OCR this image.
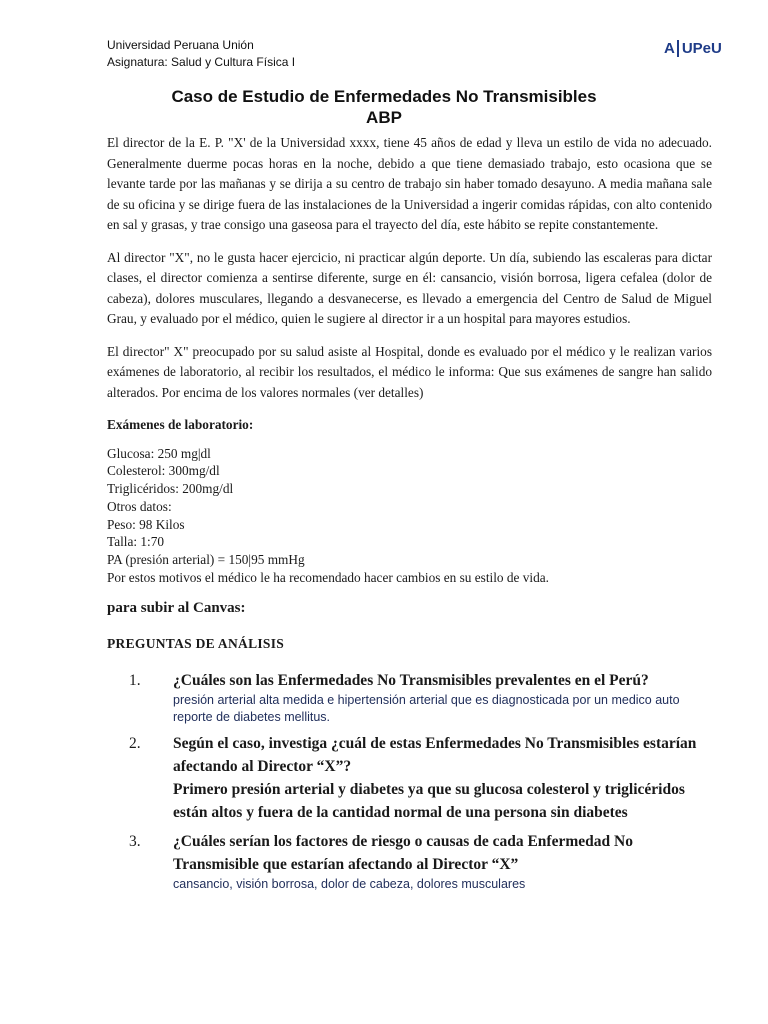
Universidad Peruana Unión
Asignatura: Salud y Cultura Física I
A UPeU
Caso de Estudio de Enfermedades No Transmisibles
ABP

El director de la E. P. "X' de la Universidad xxxx, tiene 45 años de edad y lleva un estilo de vida no adecuado. Generalmente duerme pocas horas en la noche, debido a que tiene demasiado trabajo, esto ocasiona que se levante tarde por las mañanas y se dirija a su centro de trabajo sin haber tomado desayuno. A media mañana sale de su oficina y se dirige fuera de las instalaciones de la Universidad a ingerir comidas rápidas, con alto contenido en sal y grasas, y trae consigo una gaseosa para el trayecto del día, este hábito se repite constantemente.

Al director "X", no le gusta hacer ejercicio, ni practicar algún deporte. Un día, subiendo las escaleras para dictar clases, el director comienza a sentirse diferente, surge en él: cansancio, visión borrosa, ligera cefalea (dolor de cabeza), dolores musculares, llegando a desvanecerse, es llevado a emergencia del Centro de Salud de Miguel Grau, y evaluado por el médico, quien le sugiere al director ir a un hospital para mayores estudios.

El director" X" preocupado por su salud asiste al Hospital, donde es evaluado por el médico y le realizan varios exámenes de laboratorio, al recibir los resultados, el médico le informa: Que sus exámenes de sangre han salido alterados. Por encima de los valores normales (ver detalles)

Exámenes de laboratorio:
Glucosa: 250 mg|dl
Colesterol: 300mg/dl
Triglicéridos: 200mg/dl
Otros datos:
Peso: 98 Kilos
Talla: 1:70
PA (presión arterial) = 150|95 mmHg
Por estos motivos el médico le ha recomendado hacer cambios en su estilo de vida.
para subir al Canvas:
PREGUNTAS DE ANÁLISIS
1.	¿Cuáles son las Enfermedades No Transmisibles prevalentes en el Perú?
presión arterial alta medida e hipertensión arterial que es diagnosticada por un medico auto reporte de diabetes mellitus.
2.	Según el caso, investiga ¿cuál de estas Enfermedades No Transmisibles estarían afectando al Director “X”?
Primero presión arterial y diabetes ya que su glucosa colesterol y triglicéridos están altos y fuera de la cantidad normal de una persona sin diabetes
3.	¿Cuáles serían los factores de riesgo o causas de cada Enfermedad No Transmisible que estarían afectando al Director “X”
cansancio, visión borrosa, dolor de cabeza, dolores musculares
